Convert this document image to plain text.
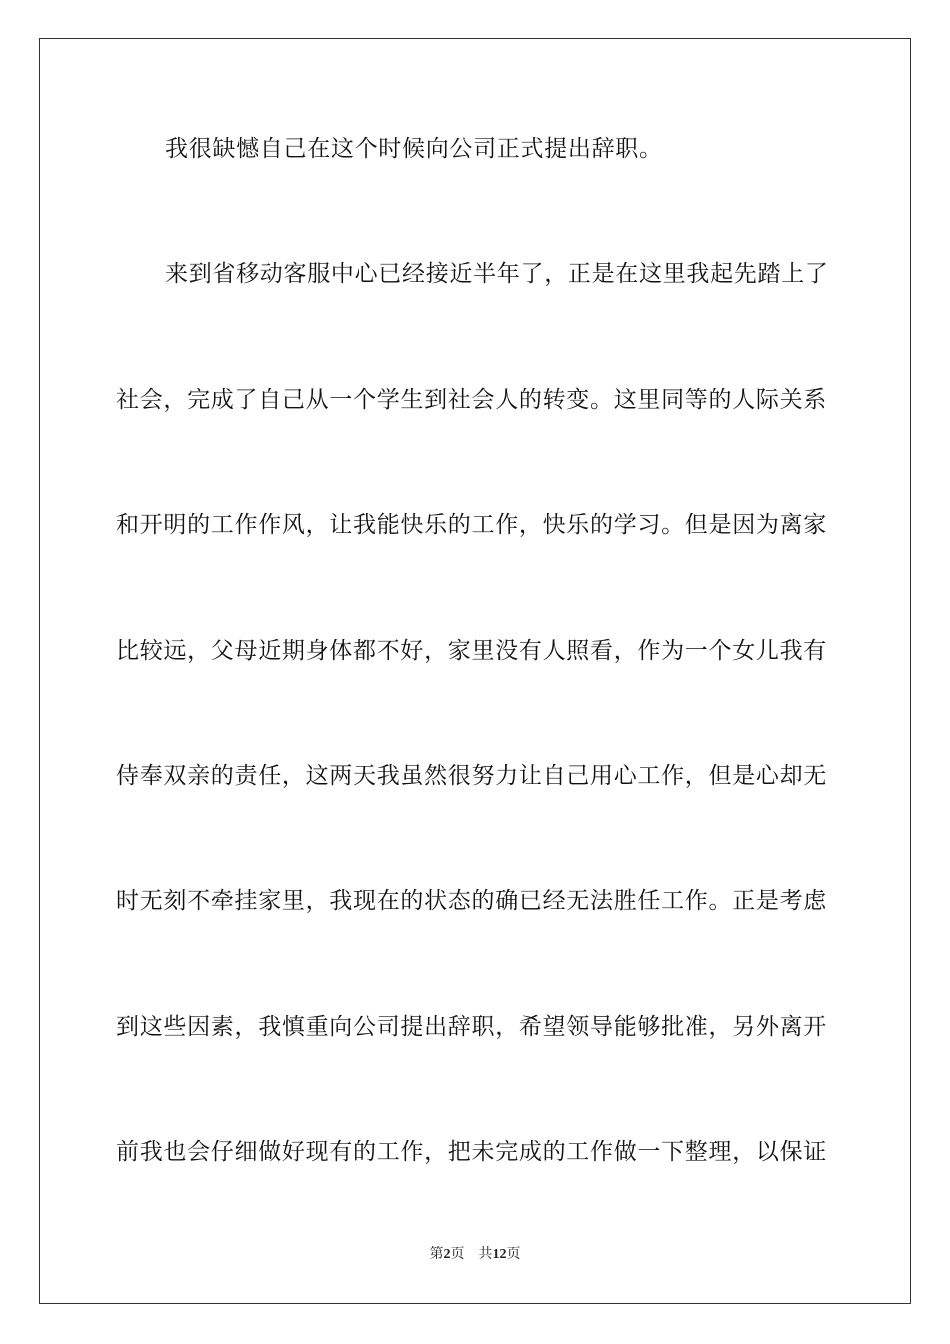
我很缺憾自己在这个时候向公司正式提出辞职。
来到省移动客服中心已经接近半年了，正是在这里我起先踏上了
社会，完成了自己从一个学生到社会人的转变。这里同等的人际关系
和开明的工作作风，让我能快乐的工作，快乐的学习。但是因为离家
比较远，父母近期身体都不好，家里没有人照看，作为一个女儿我有
侍奉双亲的责任，这两天我虽然很努力让自己用心工作，但是心却无
时无刻不牵挂家里，我现在的状态的确已经无法胜任工作。正是考虑
到这些因素，我慎重向公司提出辞职，希望领导能够批准，另外离开
前我也会仔细做好现有的工作，把未完成的工作做一下整理，以保证
第2页 共12页
